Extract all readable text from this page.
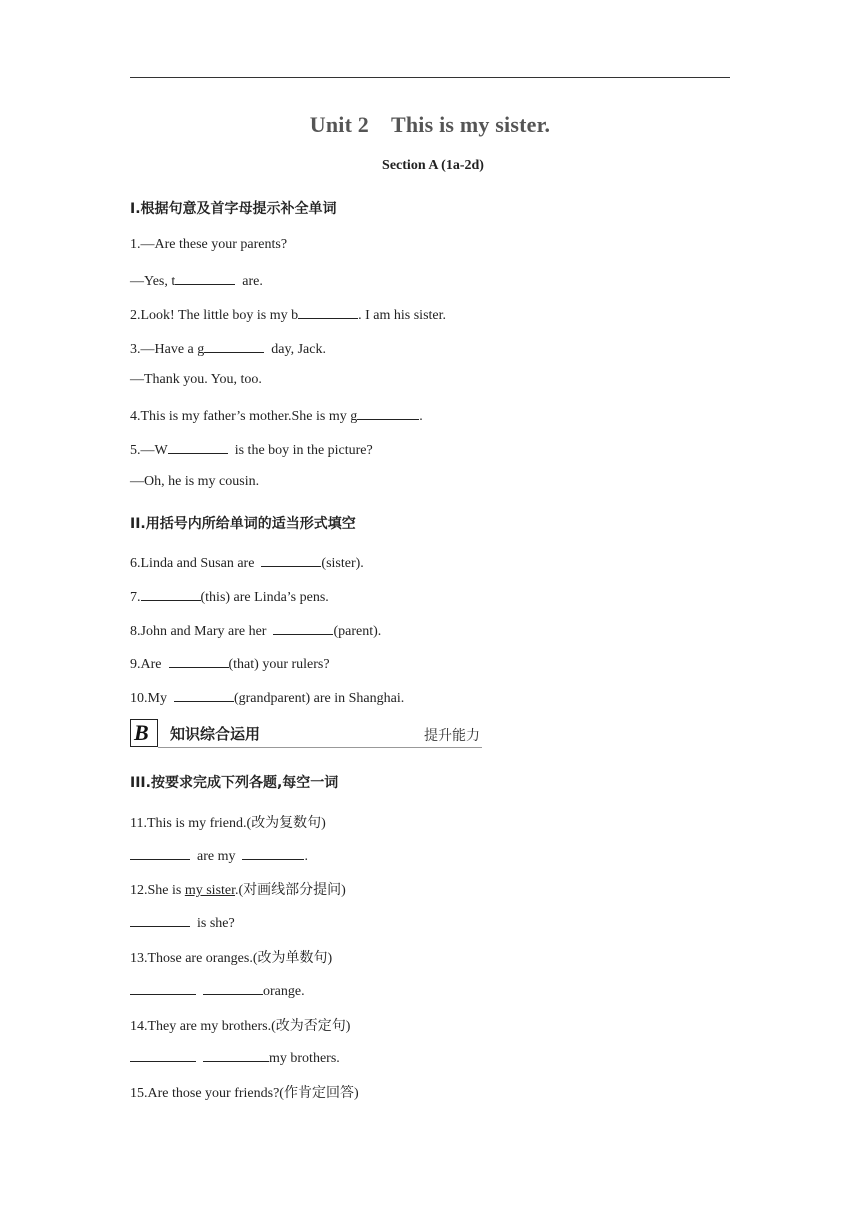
Unit 2 This is my sister.
Section A (1a-2d)
I.根据句意及首字母提示补全单词
1.—Are these your parents?
—Yes, t	are.
2.Look! The little boy is my b	. I am his sister.
3.—Have a g	day, Jack.
—Thank you. You, too.
4.This is my father’s mother.She is my g	.
5.—W	is the boy in the picture?
—Oh, he is my cousin.
II.用括号内所给单词的适当形式填空
6.Linda and Susan are	(sister).
7.	(this) are Linda’s pens.
8.John and Mary are her	(parent).
9.Are	(that) your rulers?
10.My	(grandparent) are in Shanghai.
B 知识综合运用	提升能力
III.按要求完成下列各题,每空一词
11.This is my friend.(改为复数句)
are my	.
12.She is my sister.(对画线部分提问)
is she?
13.Those are oranges.(改为单数句)
orange.
14.They are my brothers.(改为否定句)
my brothers.
15.Are those your friends?(作肯定回答)
